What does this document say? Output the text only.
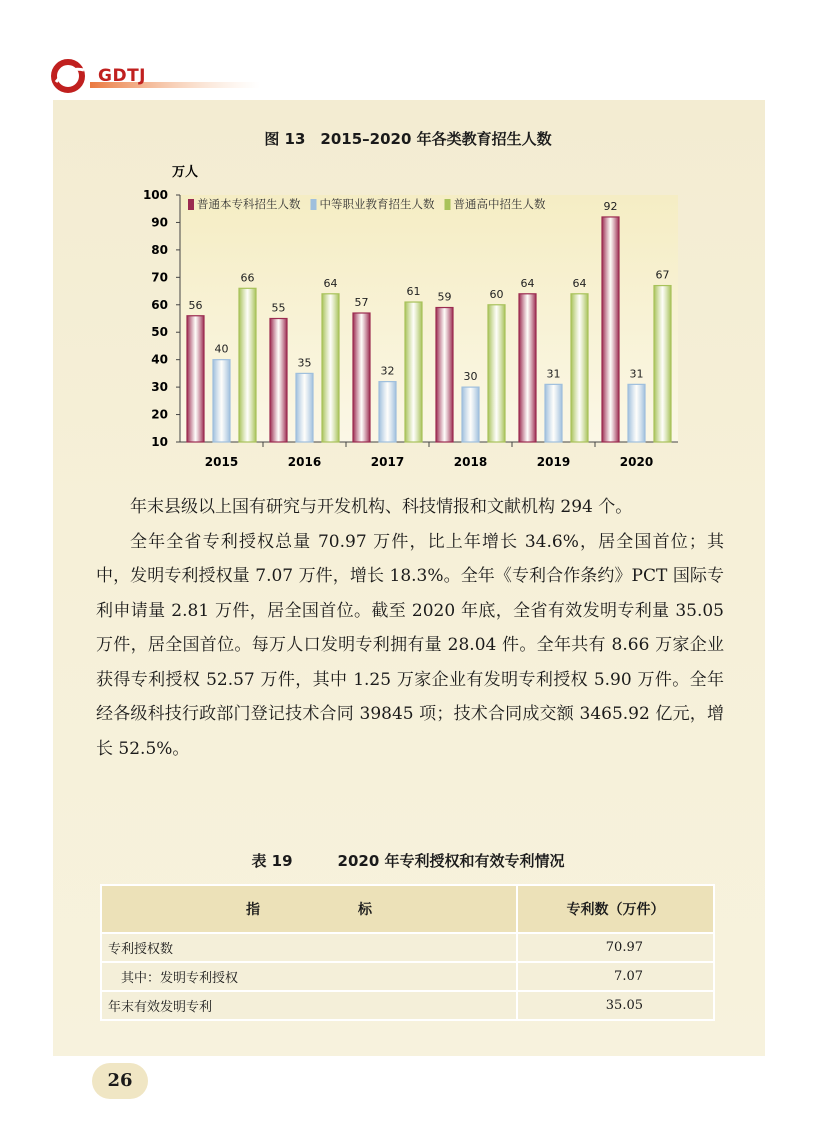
GDTJ
图 13　2015–2020 年各类教育招生人数
万人
10
20
30
40
50
60
70
80
90
100
2015
56
40
66
2016
55
35
64
2017
57
32
61
2018
59
30
60
2019
64
31
64
2020
92
31
67
普通本专科招生人数 中等职业教育招生人数 普通高中招生人数

年末县级以上国有研究与开发机构、科技情报和文献机构 294 个。

全年全省专利授权总量 70.97 万件，比上年增长 34.6%，居全国首位；其中，发明专利授权量 7.07 万件，增长 18.3%。全年《专利合作条约》PCT 国际专利申请量 2.81 万件，居全国首位。截至 2020 年底，全省有效发明专利量 35.05 万件，居全国首位。每万人口发明专利拥有量 28.04 件。全年共有 8.66 万家企业获得专利授权 52.57 万件，其中 1.25 万家企业有发明专利授权 5.90 万件。全年经各级科技行政部门登记技术合同 39845 项；技术合同成交额 3465.92 亿元，增长 52.5%。

表 19　　　2020 年专利授权和有效专利情况
指　　　　　　　标	专利数（万件）
专利授权数	70.97
　其中：发明专利授权	7.07
年末有效发明专利	35.05
26
